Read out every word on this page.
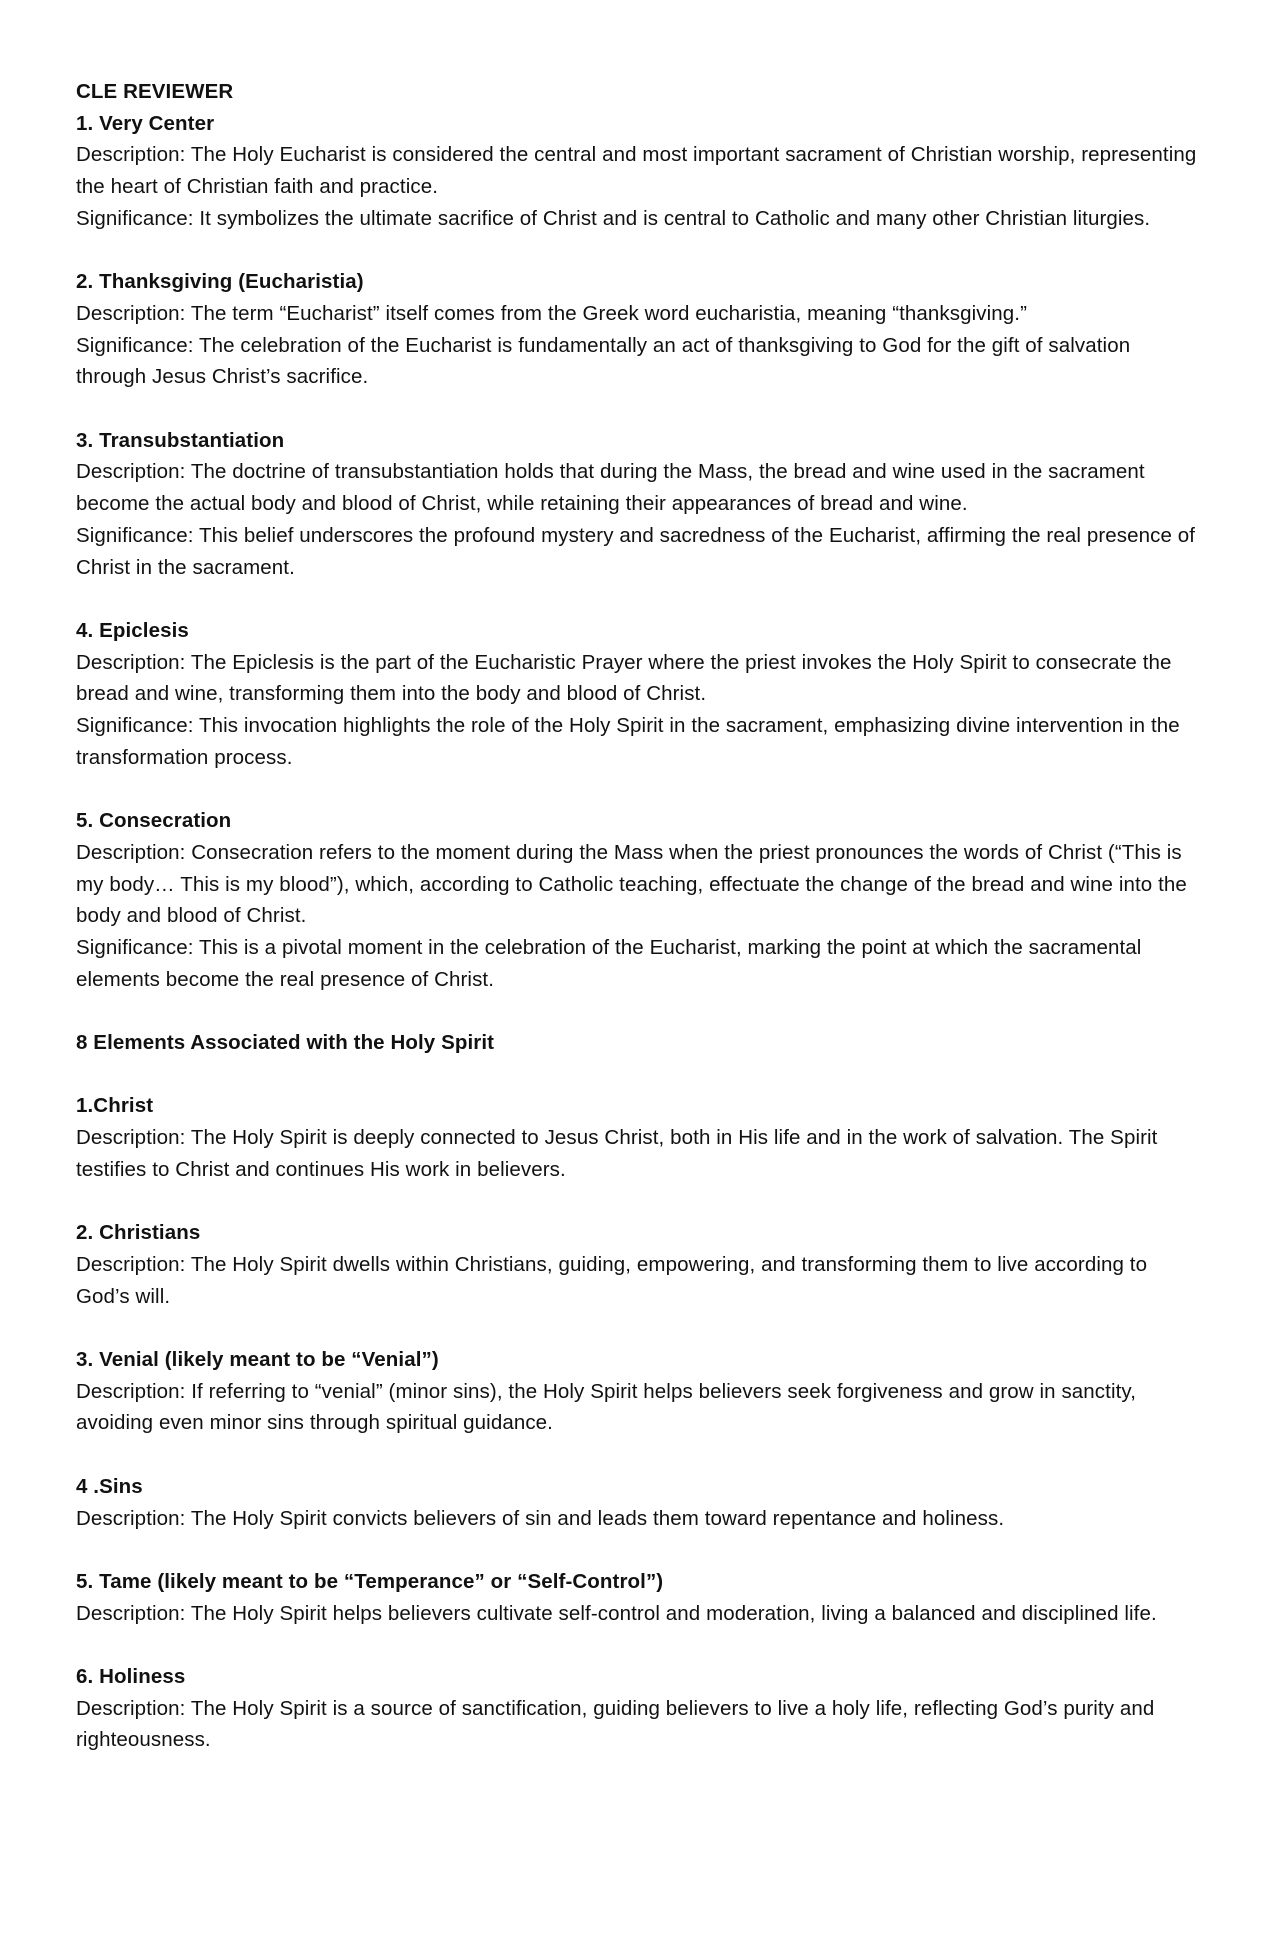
CLE REVIEWER
1. Very Center
Description: The Holy Eucharist is considered the central and most important sacrament of Christian worship, representing the heart of Christian faith and practice.
Significance: It symbolizes the ultimate sacrifice of Christ and is central to Catholic and many other Christian liturgies.
2. Thanksgiving (Eucharistia)
Description: The term “Eucharist” itself comes from the Greek word eucharistia, meaning “thanksgiving.”
Significance: The celebration of the Eucharist is fundamentally an act of thanksgiving to God for the gift of salvation through Jesus Christ’s sacrifice.
3. Transubstantiation
Description: The doctrine of transubstantiation holds that during the Mass, the bread and wine used in the sacrament become the actual body and blood of Christ, while retaining their appearances of bread and wine.
Significance: This belief underscores the profound mystery and sacredness of the Eucharist, affirming the real presence of Christ in the sacrament.
4. Epiclesis
Description: The Epiclesis is the part of the Eucharistic Prayer where the priest invokes the Holy Spirit to consecrate the bread and wine, transforming them into the body and blood of Christ.
Significance: This invocation highlights the role of the Holy Spirit in the sacrament, emphasizing divine intervention in the transformation process.
5. Consecration
Description: Consecration refers to the moment during the Mass when the priest pronounces the words of Christ (“This is my body… This is my blood”), which, according to Catholic teaching, effectuate the change of the bread and wine into the body and blood of Christ.
Significance: This is a pivotal moment in the celebration of the Eucharist, marking the point at which the sacramental elements become the real presence of Christ.
8 Elements Associated with the Holy Spirit
1.Christ
Description: The Holy Spirit is deeply connected to Jesus Christ, both in His life and in the work of salvation. The Spirit testifies to Christ and continues His work in believers.
2. Christians
Description: The Holy Spirit dwells within Christians, guiding, empowering, and transforming them to live according to God’s will.
3. Venial (likely meant to be “Venial”)
Description: If referring to “venial” (minor sins), the Holy Spirit helps believers seek forgiveness and grow in sanctity, avoiding even minor sins through spiritual guidance.
4 .Sins
Description: The Holy Spirit convicts believers of sin and leads them toward repentance and holiness.
5. Tame (likely meant to be “Temperance” or “Self-Control”)
Description: The Holy Spirit helps believers cultivate self-control and moderation, living a balanced and disciplined life.
6. Holiness
Description: The Holy Spirit is a source of sanctification, guiding believers to live a holy life, reflecting God’s purity and righteousness.
